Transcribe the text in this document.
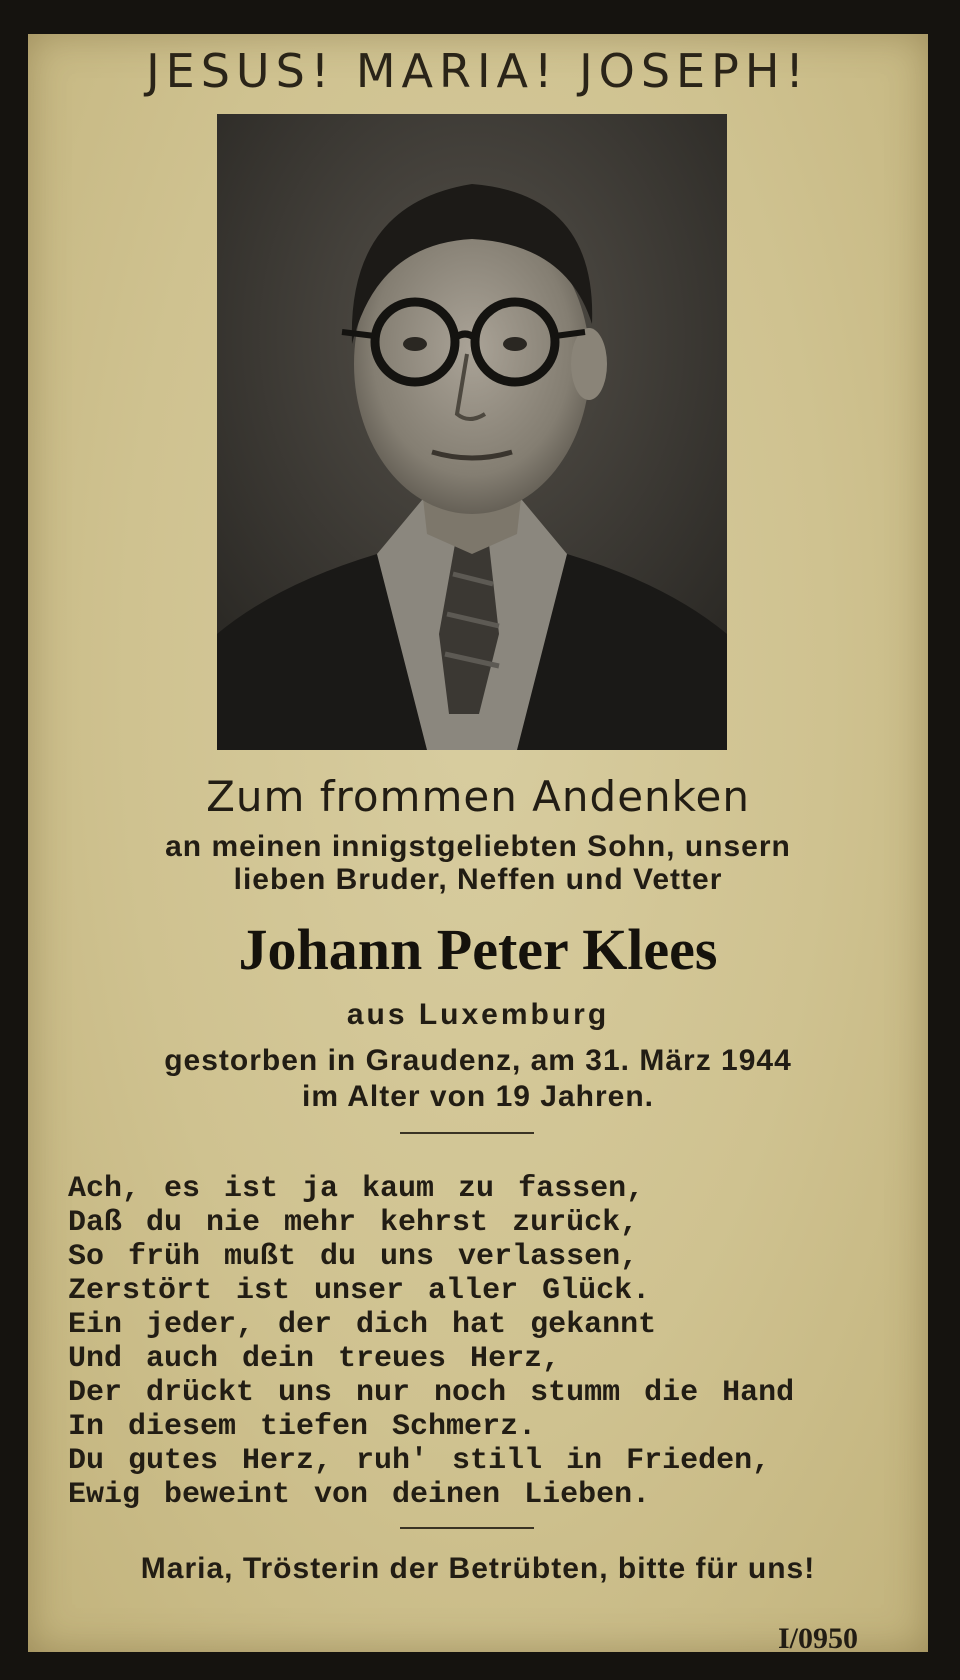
JESUS! MARIA! JOSEPH!
Zum frommen Andenken
an meinen innigstgeliebten Sohn, unsern
lieben Bruder, Neffen und Vetter
Johann Peter Klees
aus Luxemburg
gestorben in Graudenz, am 31. März 1944
im Alter von 19 Jahren.
Ach, es ist ja kaum zu fassen,
Daß du nie mehr kehrst zurück,
So früh mußt du uns verlassen,
Zerstört ist unser aller Glück.
Ein jeder, der dich hat gekannt
Und auch dein treues Herz,
Der drückt uns nur noch stumm die Hand
In diesem tiefen Schmerz.
Du gutes Herz, ruh' still in Frieden,
Ewig beweint von deinen Lieben.
Maria, Trösterin der Betrübten, bitte für uns!
I/0950
